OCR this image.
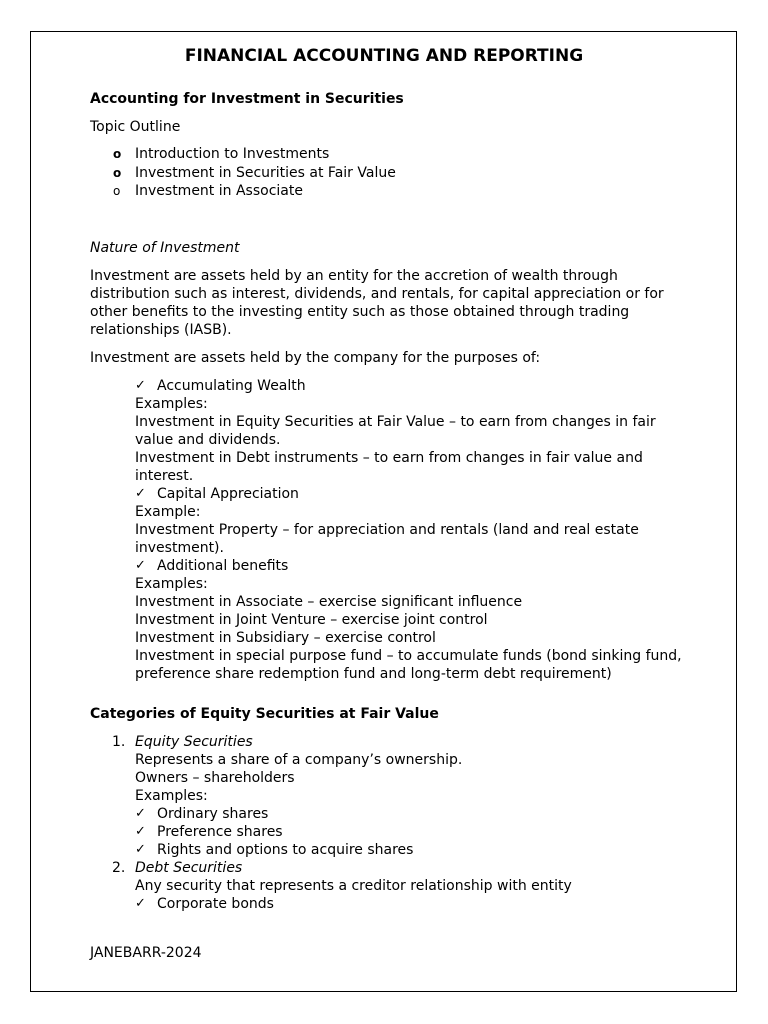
FINANCIAL ACCOUNTING AND REPORTING
Accounting for Investment in Securities
Topic Outline
o Introduction to Investments
o Investment in Securities at Fair Value
o Investment in Associate
Nature of Investment
Investment are assets held by an entity for the accretion of wealth through distribution such as interest, dividends, and rentals, for capital appreciation or for other benefits to the investing entity such as those obtained through trading relationships (IASB).
Investment are assets held by the company for the purposes of:
✓ Accumulating Wealth
Examples:
Investment in Equity Securities at Fair Value – to earn from changes in fair value and dividends.
Investment in Debt instruments – to earn from changes in fair value and interest.
✓ Capital Appreciation
Example:
Investment Property – for appreciation and rentals (land and real estate investment).
✓ Additional benefits
Examples:
Investment in Associate – exercise significant influence
Investment in Joint Venture – exercise joint control
Investment in Subsidiary – exercise control
Investment in special purpose fund – to accumulate funds (bond sinking fund, preference share redemption fund and long-term debt requirement)
Categories of Equity Securities at Fair Value
1. Equity Securities
Represents a share of a company’s ownership.
Owners – shareholders
Examples:
✓ Ordinary shares
✓ Preference shares
✓ Rights and options to acquire shares
2. Debt Securities
Any security that represents a creditor relationship with entity
✓ Corporate bonds
JANEBARR-2024
